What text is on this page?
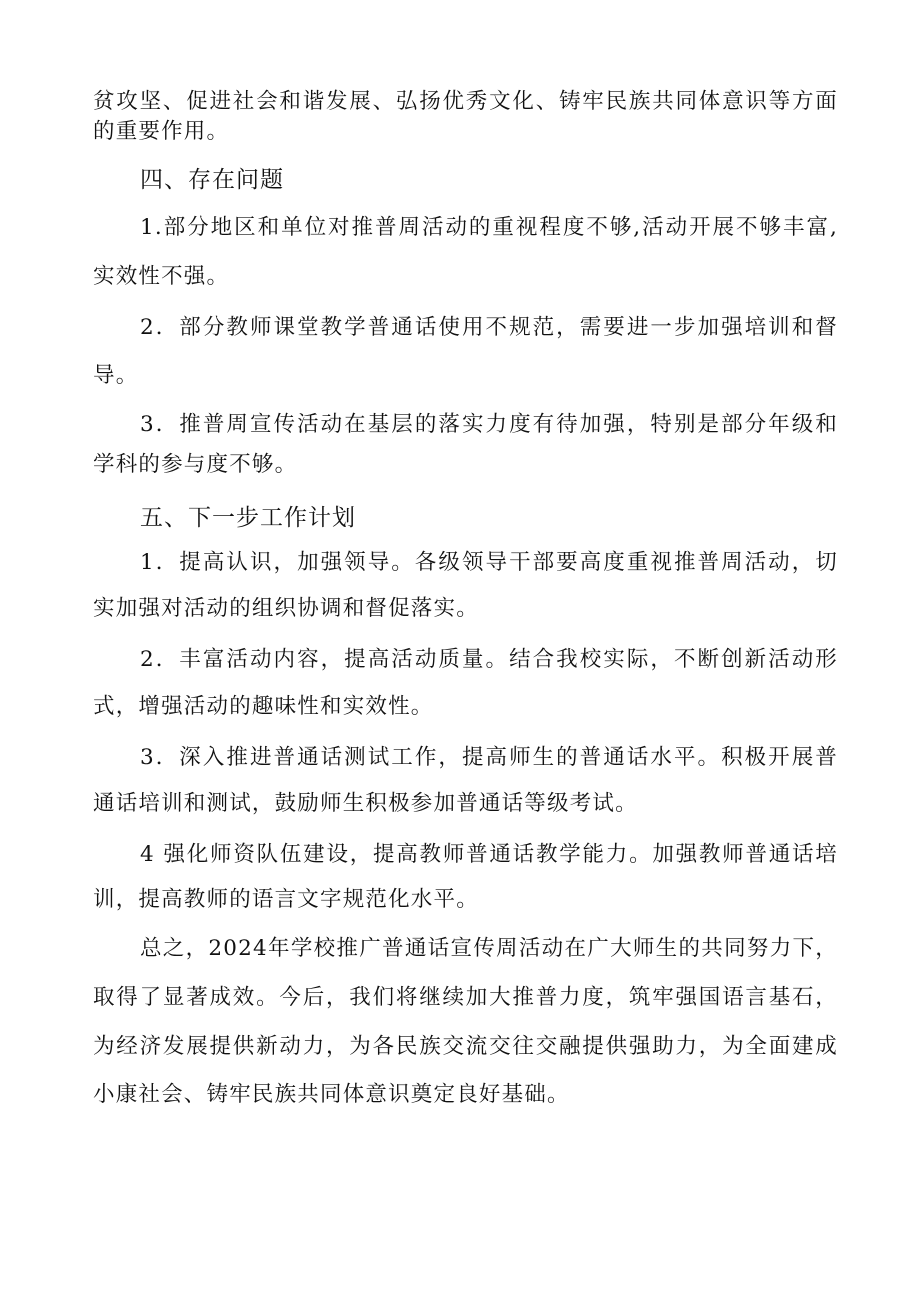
贫攻坚、促进社会和谐发展、弘扬优秀文化、铸牢民族共同体意识等方面
的重要作用。
四、存在问题
1.部分地区和单位对推普周活动的重视程度不够,活动开展不够丰富,
实效性不强。
2．部分教师课堂教学普通话使用不规范，需要进一步加强培训和督
导。
3．推普周宣传活动在基层的落实力度有待加强，特别是部分年级和
学科的参与度不够。
五、下一步工作计划
1．提高认识，加强领导。各级领导干部要高度重视推普周活动，切
实加强对活动的组织协调和督促落实。
2．丰富活动内容，提高活动质量。结合我校实际，不断创新活动形
式，增强活动的趣味性和实效性。
3．深入推进普通话测试工作，提高师生的普通话水平。积极开展普
通话培训和测试，鼓励师生积极参加普通话等级考试。
4 强化师资队伍建设，提高教师普通话教学能力。加强教师普通话培
训，提高教师的语言文字规范化水平。
总之，2024年学校推广普通话宣传周活动在广大师生的共同努力下，
取得了显著成效。今后，我们将继续加大推普力度，筑牢强国语言基石，
为经济发展提供新动力，为各民族交流交往交融提供强助力，为全面建成
小康社会、铸牢民族共同体意识奠定良好基础。
